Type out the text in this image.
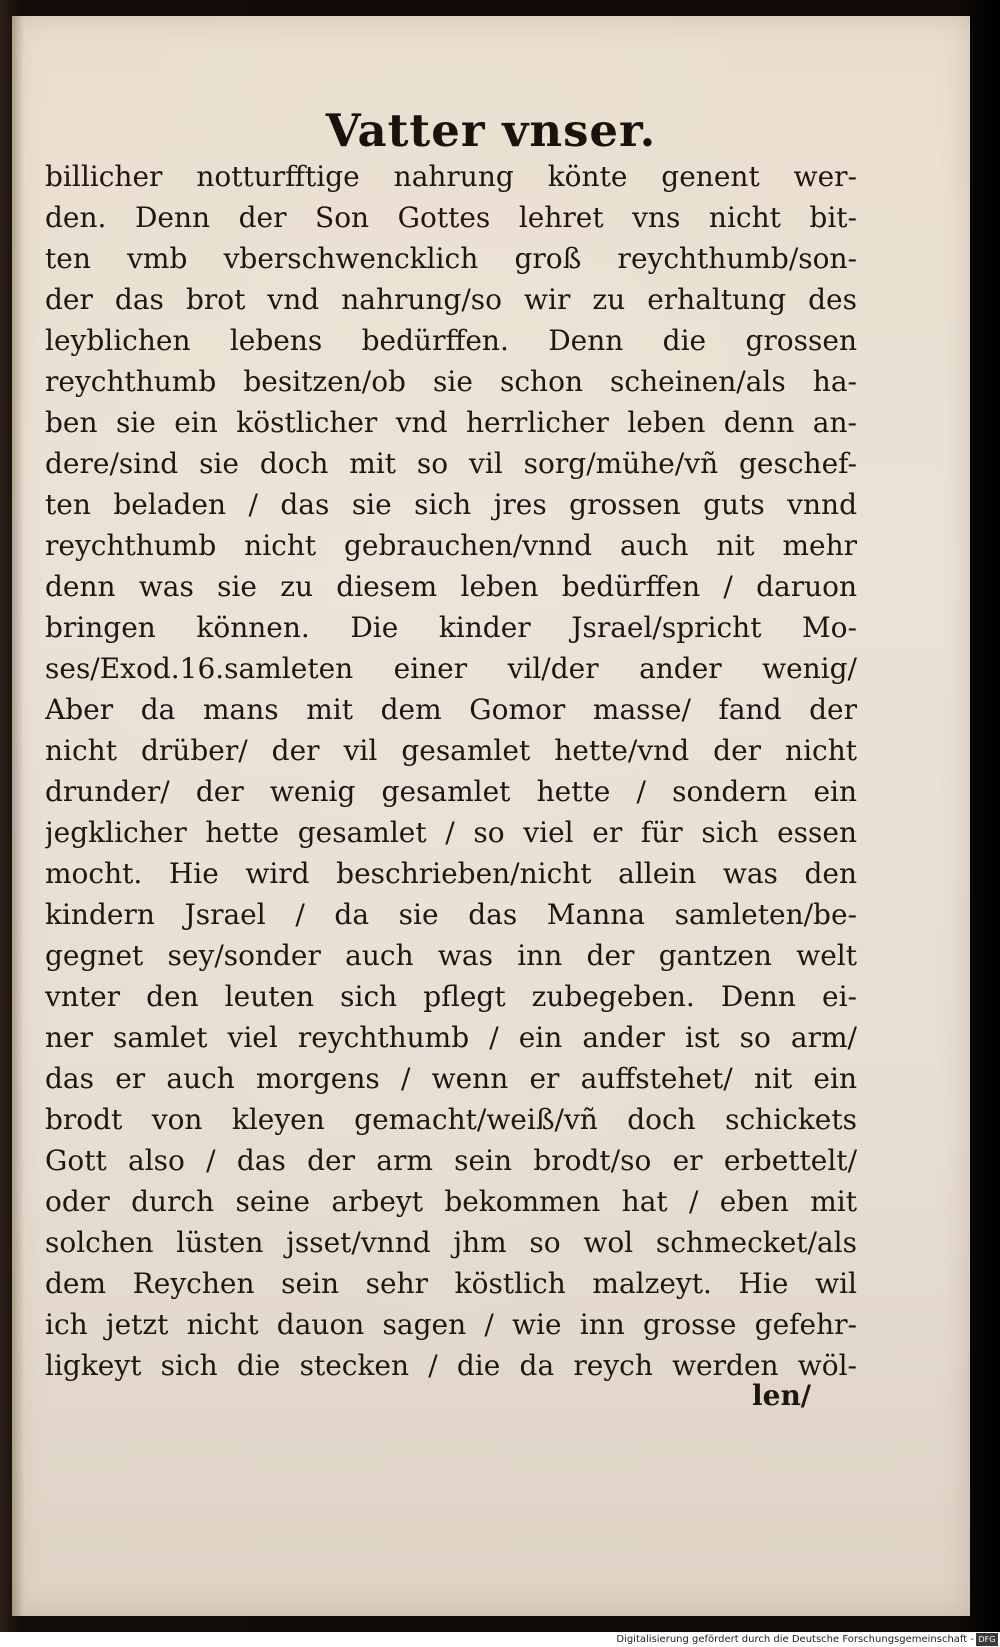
Vatter vnser.
billicher notturfftige nahrung könte genent wer-
den. Denn der Son Gottes lehret vns nicht bit-
ten vmb vberschwencklich groß reychthumb/son-
der das brot vnd nahrung/so wir zu erhaltung des
leyblichen lebens bedürffen. Denn die grossen
reychthumb besitzen/ob sie schon scheinen/als ha-
ben sie ein köstlicher vnd herrlicher leben denn an-
dere/sind sie doch mit so vil sorg/mühe/vñ geschef-
ten beladen / das sie sich jres grossen guts vnnd
reychthumb nicht gebrauchen/vnnd auch nit mehr
denn was sie zu diesem leben bedürffen / daruon
bringen können. Die kinder Jsrael/spricht Mo-
ses/Exod.16.samleten einer vil/der ander wenig/
Aber da mans mit dem Gomor masse/ fand der
nicht drüber/ der vil gesamlet hette/vnd der nicht
drunder/ der wenig gesamlet hette / sondern ein
jegklicher hette gesamlet / so viel er für sich essen
mocht. Hie wird beschrieben/nicht allein was den
kindern Jsrael / da sie das Manna samleten/be-
gegnet sey/sonder auch was inn der gantzen welt
vnter den leuten sich pflegt zubegeben. Denn ei-
ner samlet viel reychthumb / ein ander ist so arm/
das er auch morgens / wenn er auffstehet/ nit ein
brodt von kleyen gemacht/weiß/vñ doch schickets
Gott also / das der arm sein brodt/so er erbettelt/
oder durch seine arbeyt bekommen hat / eben mit
solchen lüsten jsset/vnnd jhm so wol schmecket/als
dem Reychen sein sehr köstlich malzeyt. Hie wil
ich jetzt nicht dauon sagen / wie inn grosse gefehr-
ligkeyt sich die stecken / die da reych werden wöl-
len/
Digitalisierung gefördert durch die Deutsche Forschungsgemeinschaft - DFG
